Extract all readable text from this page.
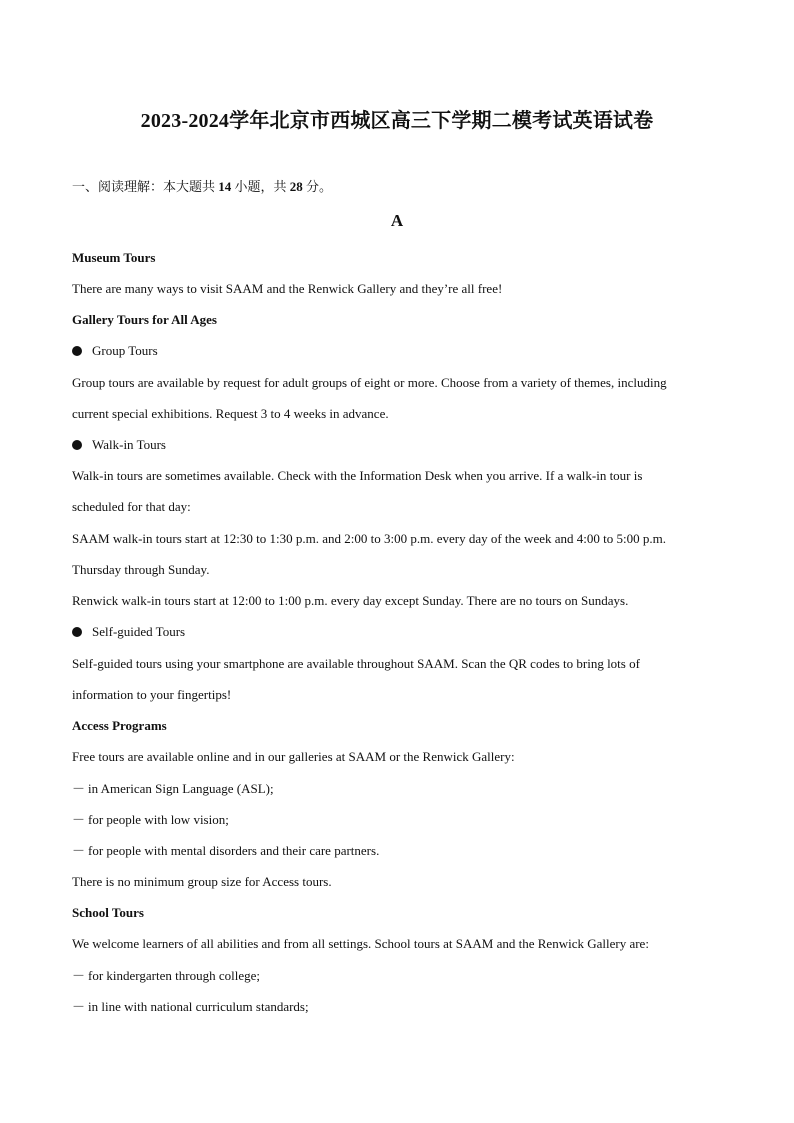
2023-2024学年北京市西城区高三下学期二模考试英语试卷
一、阅读理解：本大题共 14 小题，共 28 分。
A
Museum Tours
There are many ways to visit SAAM and the Renwick Gallery and they’re all free!
Gallery Tours for All Ages
Group Tours
Group tours are available by request for adult groups of eight or more. Choose from a variety of themes, including
current special exhibitions. Request 3 to 4 weeks in advance.
Walk-in Tours
Walk-in tours are sometimes available. Check with the Information Desk when you arrive. If a walk-in tour is
scheduled for that day:
SAAM walk-in tours start at 12:30 to 1:30 p.m. and 2:00 to 3:00 p.m. every day of the week and 4:00 to 5:00 p.m.
Thursday through Sunday.
Renwick walk-in tours start at 12:00 to 1:00 p.m. every day except Sunday. There are no tours on Sundays.
Self-guided Tours
Self-guided tours using your smartphone are available throughout SAAM. Scan the QR codes to bring lots of
information to your fingertips!
Access Programs
Free tours are available online and in our galleries at SAAM or the Renwick Gallery:
－ in American Sign Language (ASL);
－ for people with low vision;
－ for people with mental disorders and their care partners.
There is no minimum group size for Access tours.
School Tours
We welcome learners of all abilities and from all settings. School tours at SAAM and the Renwick Gallery are:
－ for kindergarten through college;
－ in line with national curriculum standards;
